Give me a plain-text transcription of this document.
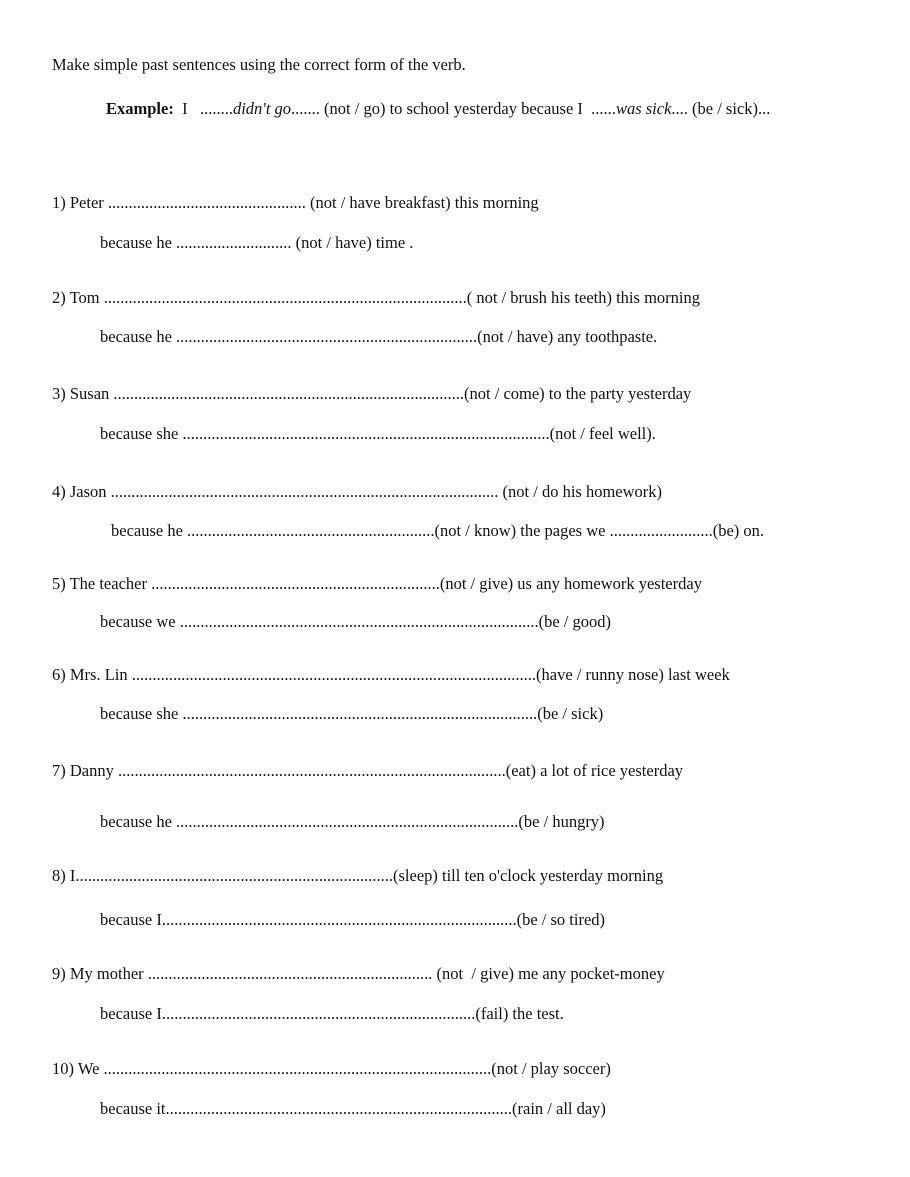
Make simple past sentences using the correct form of the verb.
Example:  I   ........didn't go....... (not / go) to school yesterday because I  ......was sick.... (be / sick)...
1) Peter ................................................ (not / have breakfast) this morning
because he ............................ (not / have) time .
2) Tom ........................................................................................( not / brush his teeth) this morning
because he .........................................................................(not / have) any toothpaste.
3) Susan .....................................................................................(not / come) to the party yesterday
because she .........................................................................................(not / feel well).
4) Jason .............................................................................................. (not / do his homework)
because he ............................................................(not / know) the pages we .........................(be) on.
5) The teacher ......................................................................(not / give) us any homework yesterday
because we .......................................................................................(be / good)
6) Mrs. Lin ..................................................................................................(have / runny nose) last week
because she ......................................................................................(be / sick)
7) Danny ..............................................................................................(eat) a lot of rice yesterday
because he ...................................................................................(be / hungry)
8) I.............................................................................(sleep) till ten o'clock yesterday morning
because I......................................................................................(be / so tired)
9) My mother ..................................................................... (not  / give) me any pocket-money
because I............................................................................(fail) the test.
10) We ..............................................................................................(not / play soccer)
because it....................................................................................(rain / all day)
